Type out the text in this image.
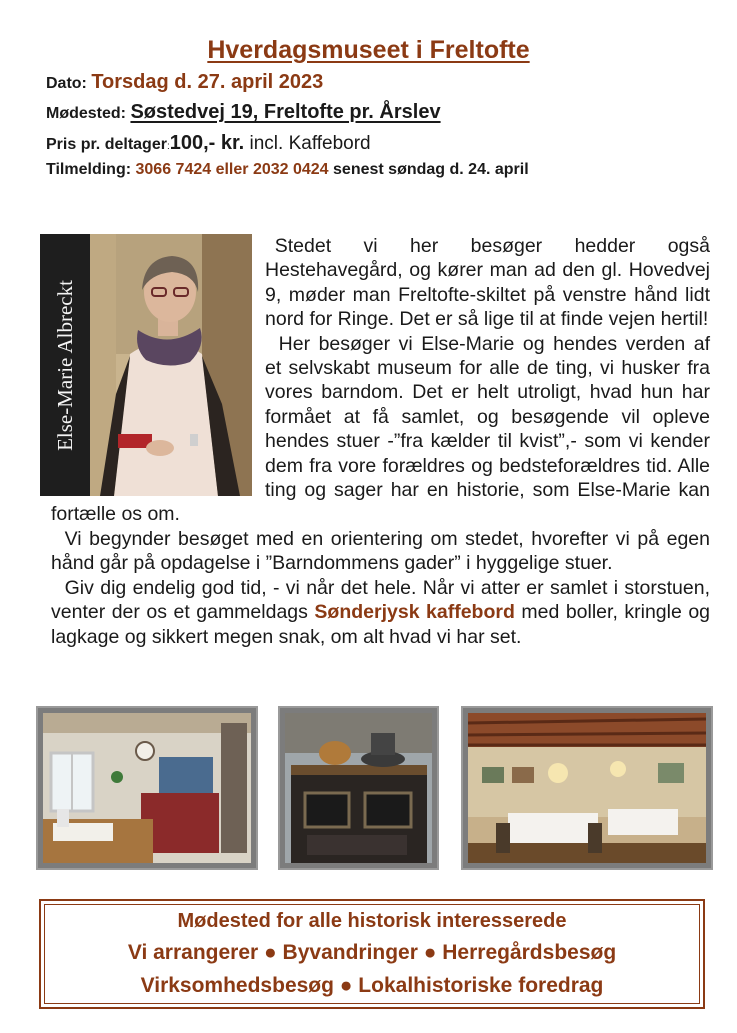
Hverdagsmuseet i Freltofte
Dato: Torsdag d. 27. april 2023
Mødested: Søstedvej 19, Freltofte pr. Årslev
Pris pr. deltager:100,- kr. incl. Kaffebord
Tilmelding: 3066 7424 eller 2032 0424 senest søndag d. 24. april

Stedet vi her besøger hedder også Hestehavegård, og kører man ad den gl. Hovedvej 9, møder man Freltofte-skiltet på venstre hånd lidt nord for Ringe. Det er så lige til at finde vejen hertil!

Her besøger vi Else-Marie og hendes verden af et selvskabt museum for alle de ting, vi husker fra vores barndom. Det er helt utroligt, hvad hun har formået at få samlet, og besøgende vil opleve hendes stuer -”fra kælder til kvist”,- som vi kender dem fra vore forældres og bedsteforældres tid. Alle ting og sager har en historie, som Else-Marie kan fortælle os om.

Vi begynder besøget med en orientering om stedet, hvorefter vi på egen hånd går på opdagelse i ”Barndommens gader” i hyggelige stuer.

Giv dig endelig god tid, - vi når det hele. Når vi atter er samlet i storstuen, venter der os et gammeldags Sønderjysk kaffebord med boller, kringle og lagkage og sikkert megen snak, om alt hvad vi har set.

Else-Marie Albreckt
Mødested for alle historisk interesserede
Vi arrangerer ● Byvandringer ● Herregårdsbesøg
Virksomhedsbesøg ● Lokalhistoriske foredrag
